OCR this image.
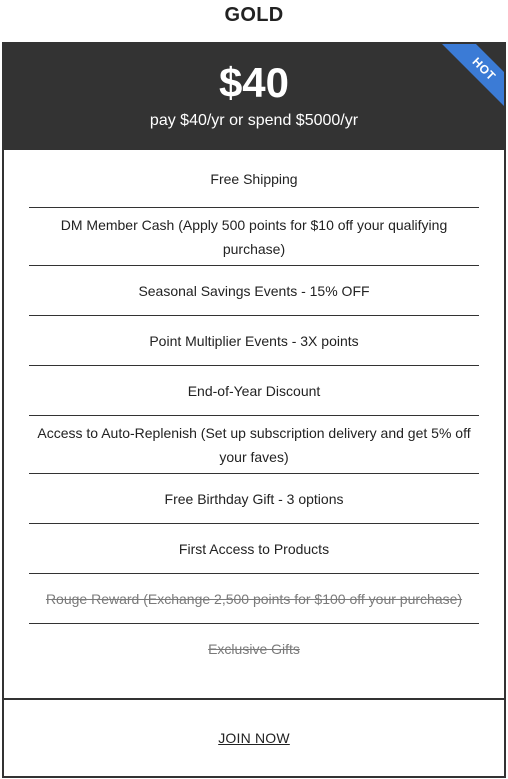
GOLD
$40
pay $40/yr or spend $5000/yr
HOT
Free Shipping
DM Member Cash (Apply 500 points for $10 off your qualifying purchase)
Seasonal Savings Events - 15% OFF
Point Multiplier Events - 3X points
End-of-Year Discount
Access to Auto-Replenish (Set up subscription delivery and get 5% off your faves)
Free Birthday Gift - 3 options
First Access to Products
Rouge Reward (Exchange 2,500 points for $100 off your purchase)
Exclusive Gifts
JOIN NOW
